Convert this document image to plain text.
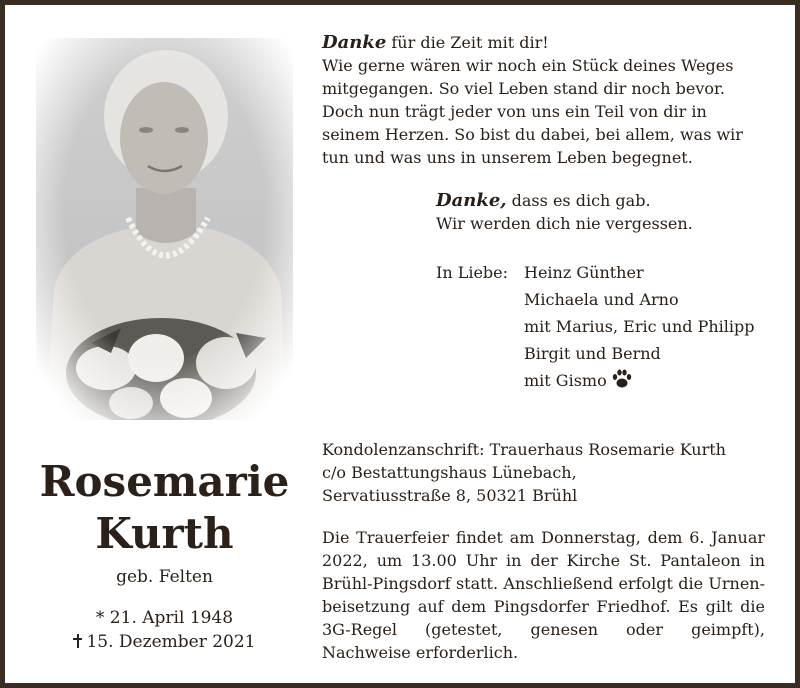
Rosemarie
Kurth
geb. Felten
* 21. April 1948
15. Dezember 2021

Danke für die Zeit mit dir!

Wie gerne wären wir noch ein Stück deines Weges

mitgegangen. So viel Leben stand dir noch bevor.

Doch nun trägt jeder von uns ein Teil von dir in

seinem Herzen. So bist du dabei, bei allem, was wir

tun und was uns in unserem Leben begegnet.

Danke, dass es dich gab.

Wir werden dich nie vergessen.

In Liebe: Heinz Günther
Michaela und Arno
mit Marius, Eric und Philipp
Birgit und Bernd
mit Gismo
Kondolenzanschrift: Trauerhaus Rosemarie Kurth
c/o Bestattungshaus Lünebach,
Servatiusstraße 8, 50321 Brühl
Die Trauerfeier findet am Donnerstag, dem 6. Januar 2022, um 13.00 Uhr in der Kirche St. Pantaleon in Brühl-Pingsdorf statt. Anschließend erfolgt die Urnenbeisetzung auf dem Pingsdorfer Friedhof. Es gilt die 3G-Regel (getestet, genesen oder geimpft), Nachweise erforderlich.
